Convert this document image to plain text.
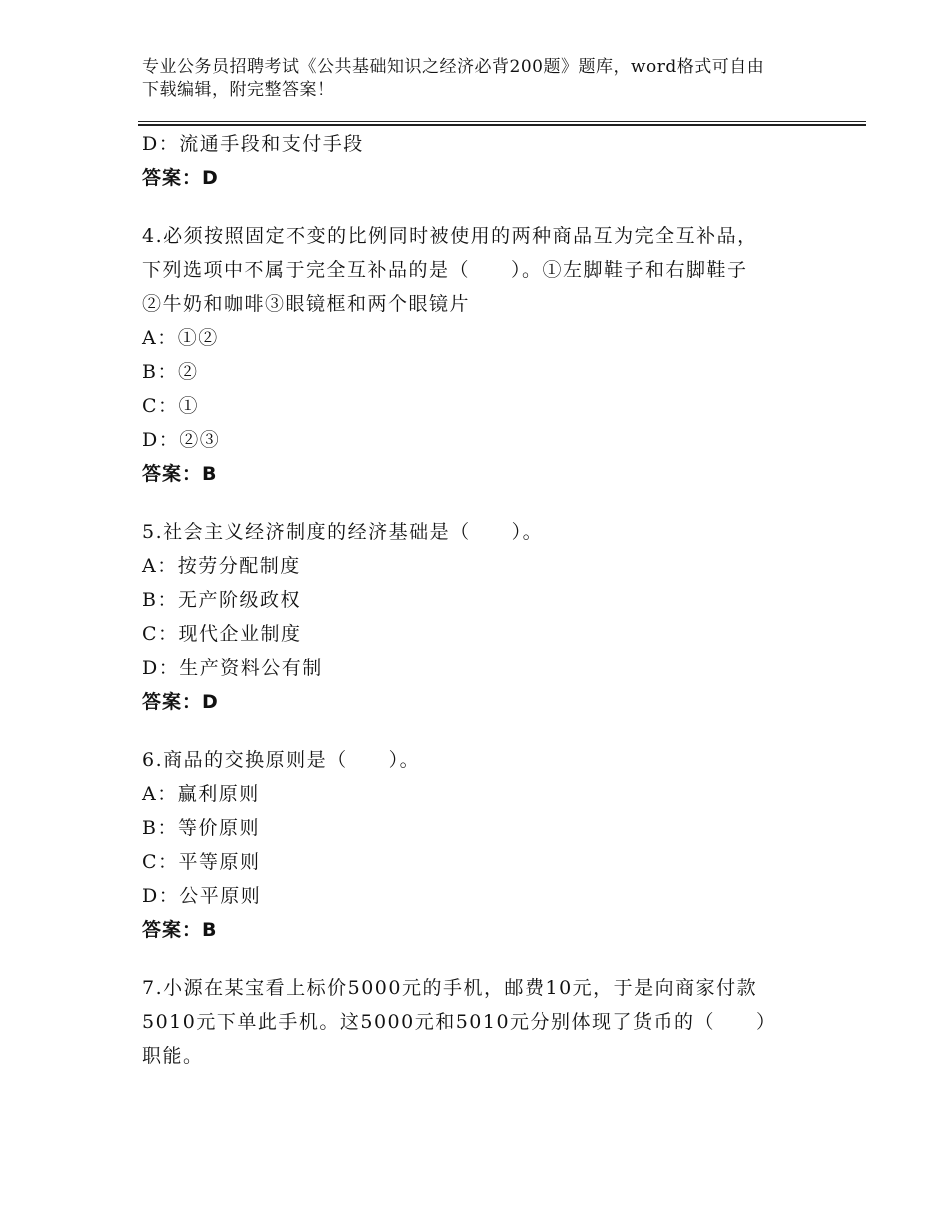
专业公务员招聘考试《公共基础知识之经济必背200题》题库，word格式可自由
下载编辑，附完整答案！
D：流通手段和支付手段
答案：D
4.必须按照固定不变的比例同时被使用的两种商品互为完全互补品，
下列选项中不属于完全互补品的是（　　）。①左脚鞋子和右脚鞋子
②牛奶和咖啡③眼镜框和两个眼镜片
A：①②
B：②
C：①
D：②③
答案：B
5.社会主义经济制度的经济基础是（　　）。
A：按劳分配制度
B：无产阶级政权
C：现代企业制度
D：生产资料公有制
答案：D
6.商品的交换原则是（　　）。
A：赢利原则
B：等价原则
C：平等原则
D：公平原则
答案：B
7.小源在某宝看上标价5000元的手机，邮费10元，于是向商家付款
5010元下单此手机。这5000元和5010元分别体现了货币的（　　）
职能。
